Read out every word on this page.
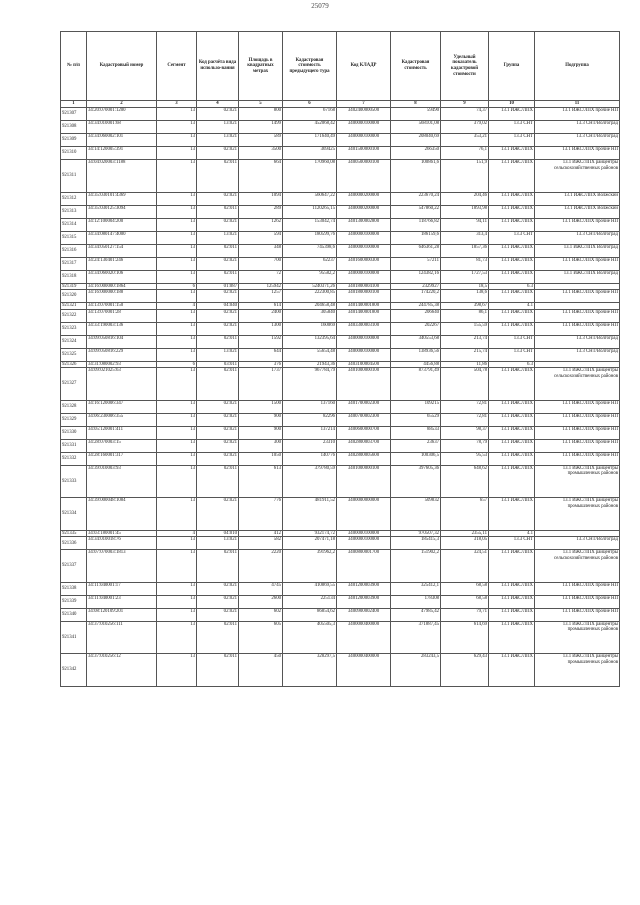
25079
№ п/п	Кадастровый номер	Сегмент	Код расчёта вида использо-вания	Площадь в квадратных метрах	Кадастровая стоимость предыдущего тура	Код КЛАДР	Кадастровая стоимость	Удельный показатель кадастровой стоимости	Группа	Подгруппа
1	2	3	4	5	6	7	8	9	10	11
921307	34:20:070001:1200	13	02:021	800	67168	3402400000500	59490	74,37	13.1 ИЖС/ЛПХ	13.1 ИЖС/ЛПХ прочие НП
921308	34:34:010001:68	13	13:021	1499	452068,42	3400000100000	568101,08	379,02	13.3 СНТ	13.3 СНТ/Волгоград
921309	34:34:060002:101	13	13:021	589	171640,49	3400000100000	208040,69	353,21	13.3 СНТ	13.3 СНТ/Волгоград
921310	34:14:120005:391	13	02:021	3500	369425	3401500000100	266350	76,1	13.1 ИЖС/ЛПХ	13.1 ИЖС/ЛПХ прочие НП
921311	34:04:020003:1188	13	02:011	664	170960,08	3400500000100	100861,6	151,9	13.1 ИЖС/ЛПХ	13.1 ИЖС/ЛПХ райцентры сельскохозяйственных районов
921312	34:35:030101:4369	13	02:021	1094	560647,22	3400000200000	223670,24	204,46	13.1 ИЖС/ЛПХ	13.1 ИЖС/ЛПХ Волжский
921313	34:35:030125:3094	13	02:011	289	1120265,15	3400000200000	547860,22	1893,98	13.1 ИЖС/ЛПХ	13.1 ИЖС/ЛПХ Волжский
921314	34:12:100004:200	13	02:021	1262	153042,74	3401300002800	118766,82	94,11	13.1 ИЖС/ЛПХ	13.1 ИЖС/ЛПХ прочие НП
921315	34:34:080147:4000	13	13:021	594	180599,76	3400000100000	186159,6	313,4	13.3 СНТ	13.3 СНТ/Волгоград
921316	34:34:050127:154	13	02:011	348	745398,6	3400000100000	646361,28	1857,36	13.1 ИЖС/ЛПХ	13.1 ИЖС/ЛПХ Волгоград
921317	34:24:130401:246	13	02:021	700	62237	3401600000300	57211	81,73	13.1 ИЖС/ЛПХ	13.1 ИЖС/ЛПХ прочие НП
921318	34:34:060020:106	13	02:011	72	95582,2	3400000100000	124382,16	1727,53	13.1 ИЖС/ЛПХ	13.1 ИЖС/ЛПХ Волгоград
921319	34:16:000000:1864	6	01:087	125942	5240371,26	3401800004100	2329927	18,5	6.3	
921320	34:16:000000:188	13	02:021	1257	222300,85	3401800000100	174220,2	138,6	13.1 ИЖС/ЛПХ	13.1 ИЖС/ЛПХ прочие НП
921321	34:13:070001:150	4	04:040	614	204658,48	3401400001800	244785,38	398,67	4.1	
921322	34:13:070001:28	13	02:021	2400	305840	3401400001800	206640	86,1	13.1 ИЖС/ЛПХ	13.1 ИЖС/ЛПХ прочие НП
921323	34:33:190003:136	13	02:021	1300	160069	3403300003100	202267	155,59	13.1 ИЖС/ЛПХ	13.1 ИЖС/ЛПХ прочие НП
921324	34:09:050816:104	13	02:011	1592	132395,64	3400000100000	340553,68	213,74	13.3 СНТ	13.3 СНТ/Волгоград
921325	34:09:050816:229	13	13:021	644	55654,48	3400000100000	138936,56	215,74	13.3 СНТ	13.3 СНТ/Волгоград
921326	34:31:080002:93	6	03:011	376	21943,36	3403100004500	4456,88	11,86	6.3	
921327	34:09:021025:63	13	02:011	1737	967784,79	3401000000100	873791,49	504,78	13.1 ИЖС/ЛПХ	13.1 ИЖС/ЛПХ райцентры сельскохозяйственных районов
921328	34:16:120006:347	13	02:021	1500	137160	3401700002300	109215	72,81	13.1 ИЖС/ЛПХ	13.1 ИЖС/ЛПХ прочие НП
921329	34:06:230006:355	13	02:021	900	82296	3400700002300	65529	72,81	13.1 ИЖС/ЛПХ	13.1 ИЖС/ЛПХ прочие НП
921330	34:05:120001:411	13	02:021	900	137214	3400600000700	88533	98,37	13.1 ИЖС/ЛПХ	13.1 ИЖС/ЛПХ прочие НП
921331	34:28:070003:15	13	02:021	300	23310	3402800003700	23637	78,79	13.1 ИЖС/ЛПХ	13.1 ИЖС/ЛПХ прочие НП
921332	34:28:160001:317	13	02:021	1050	140776	3402800005600	100306,5	95,53	13.1 ИЖС/ЛПХ	13.1 ИЖС/ЛПХ прочие НП
921333	34:39:010003:93	13	02:011	613	379780,59	3401000000100	397605,36	648,62	13.1 ИЖС/ЛПХ	13.1 ИЖС/ЛПХ райцентры промышленных районов
921334	34:39:000048:1084	13	02:021	776	481911,52	3400000000000	509832	657	13.1 ИЖС/ЛПХ	13.1 ИЖС/ЛПХ райцентры промышленных районов
921335	34:03:180001:45	4	04:010	412	932174,72	3400000100000	970507,32	2355,11	4.1	
921336	34:34:010018:76	13	13:021	582	207471,18	3400000100000	185415,3	318,05	13.3 СНТ	13.3 СНТ/Волгоград
921337	34:07:070003:1813	13	02:011	2220	391962,2	3400800001700	151902,2	324,51	13.1 ИЖС/ЛПХ	13.1 ИЖС/ЛПХ райцентры сельскохозяйственных районов
921338	34:11:040001:17	13	02:021	4745	410869,55	3401200003900	325412,1	68,58	13.1 ИЖС/ЛПХ	13.1 ИЖС/ЛПХ прочие НП
921339	34:11:040001:23	13	02:021	2600	225134	3401200003900	178308	68,58	13.1 ИЖС/ЛПХ	13.1 ИЖС/ЛПХ прочие НП
921340	34:08:120109:201	13	02:021	602	86854,62	3400900002400	47985,42	79,71	13.1 ИЖС/ЛПХ	13.1 ИЖС/ЛПХ прочие НП
921341	34:37:010256:111	13	02:011	605	405505,3	3400000400000	371887,45	614,69	13.1 ИЖС/ЛПХ	13.1 ИЖС/ЛПХ райцентры промышленных районов
921342	34:37:010256:12	13	02:011	450	328297,5	3400000400000	283243,5	629,43	13.1 ИЖС/ЛПХ	13.1 ИЖС/ЛПХ райцентры промышленных районов
